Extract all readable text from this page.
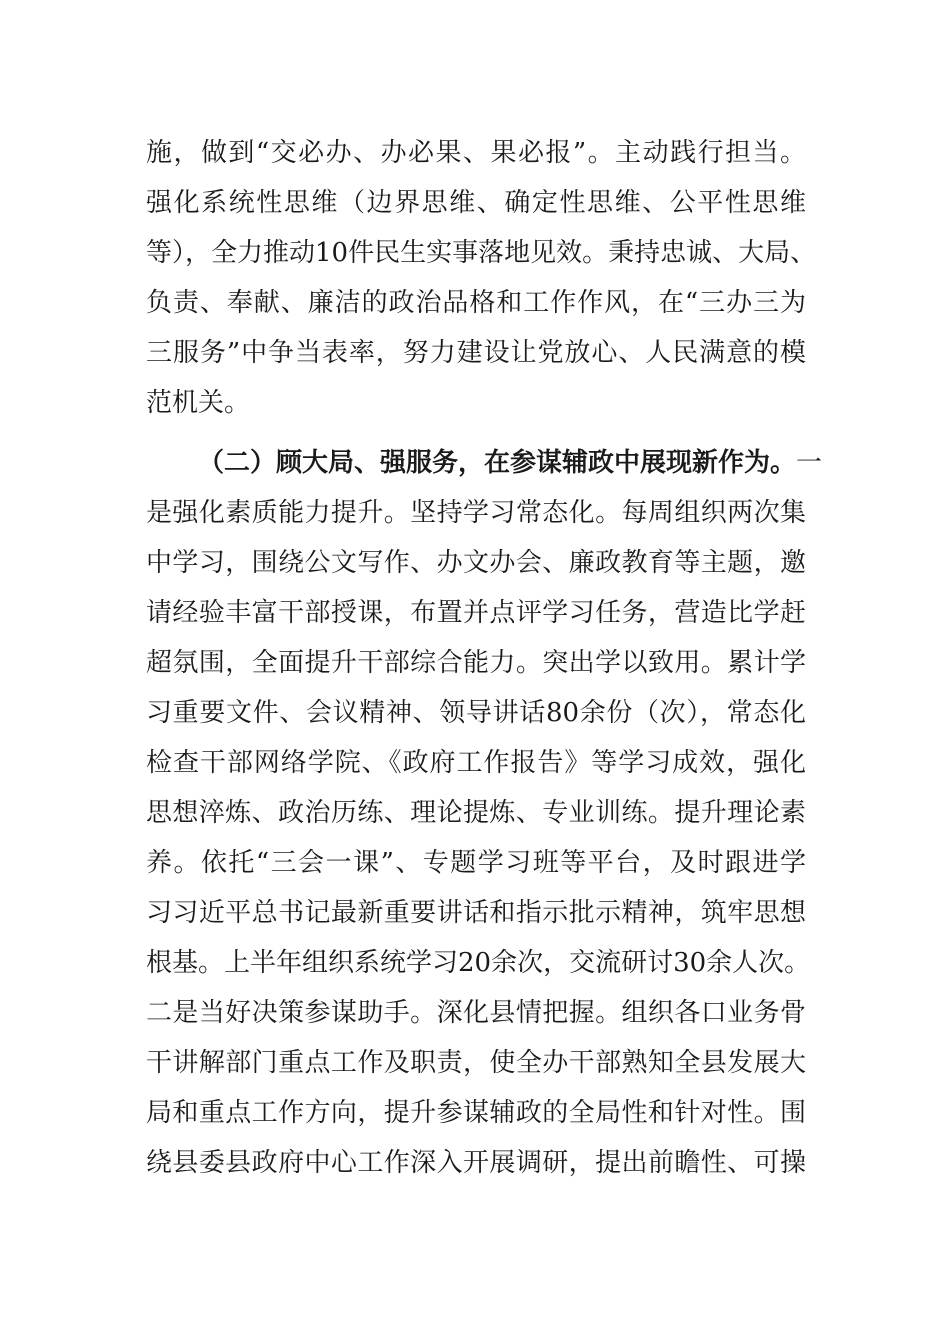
施，做到“交必办、办必果、果必报”。主动践行担当。
强化系统性思维（边界思维、确定性思维、公平性思维
等），全力推动10件民生实事落地见效。秉持忠诚、大局、
负责、奉献、廉洁的政治品格和工作作风，在“三办三为
三服务”中争当表率，努力建设让党放心、人民满意的模
范机关。
（二）顾大局、强服务，在参谋辅政中展现新作为。一
是强化素质能力提升。坚持学习常态化。每周组织两次集
中学习，围绕公文写作、办文办会、廉政教育等主题，邀
请经验丰富干部授课，布置并点评学习任务，营造比学赶
超氛围，全面提升干部综合能力。突出学以致用。累计学
习重要文件、会议精神、领导讲话80余份（次），常态化
检查干部网络学院、《政府工作报告》等学习成效，强化
思想淬炼、政治历练、理论提炼、专业训练。提升理论素
养。依托“三会一课”、专题学习班等平台，及时跟进学
习习近平总书记最新重要讲话和指示批示精神，筑牢思想
根基。上半年组织系统学习20余次，交流研讨30余人次。
二是当好决策参谋助手。深化县情把握。组织各口业务骨
干讲解部门重点工作及职责，使全办干部熟知全县发展大
局和重点工作方向，提升参谋辅政的全局性和针对性。围
绕县委县政府中心工作深入开展调研，提出前瞻性、可操
